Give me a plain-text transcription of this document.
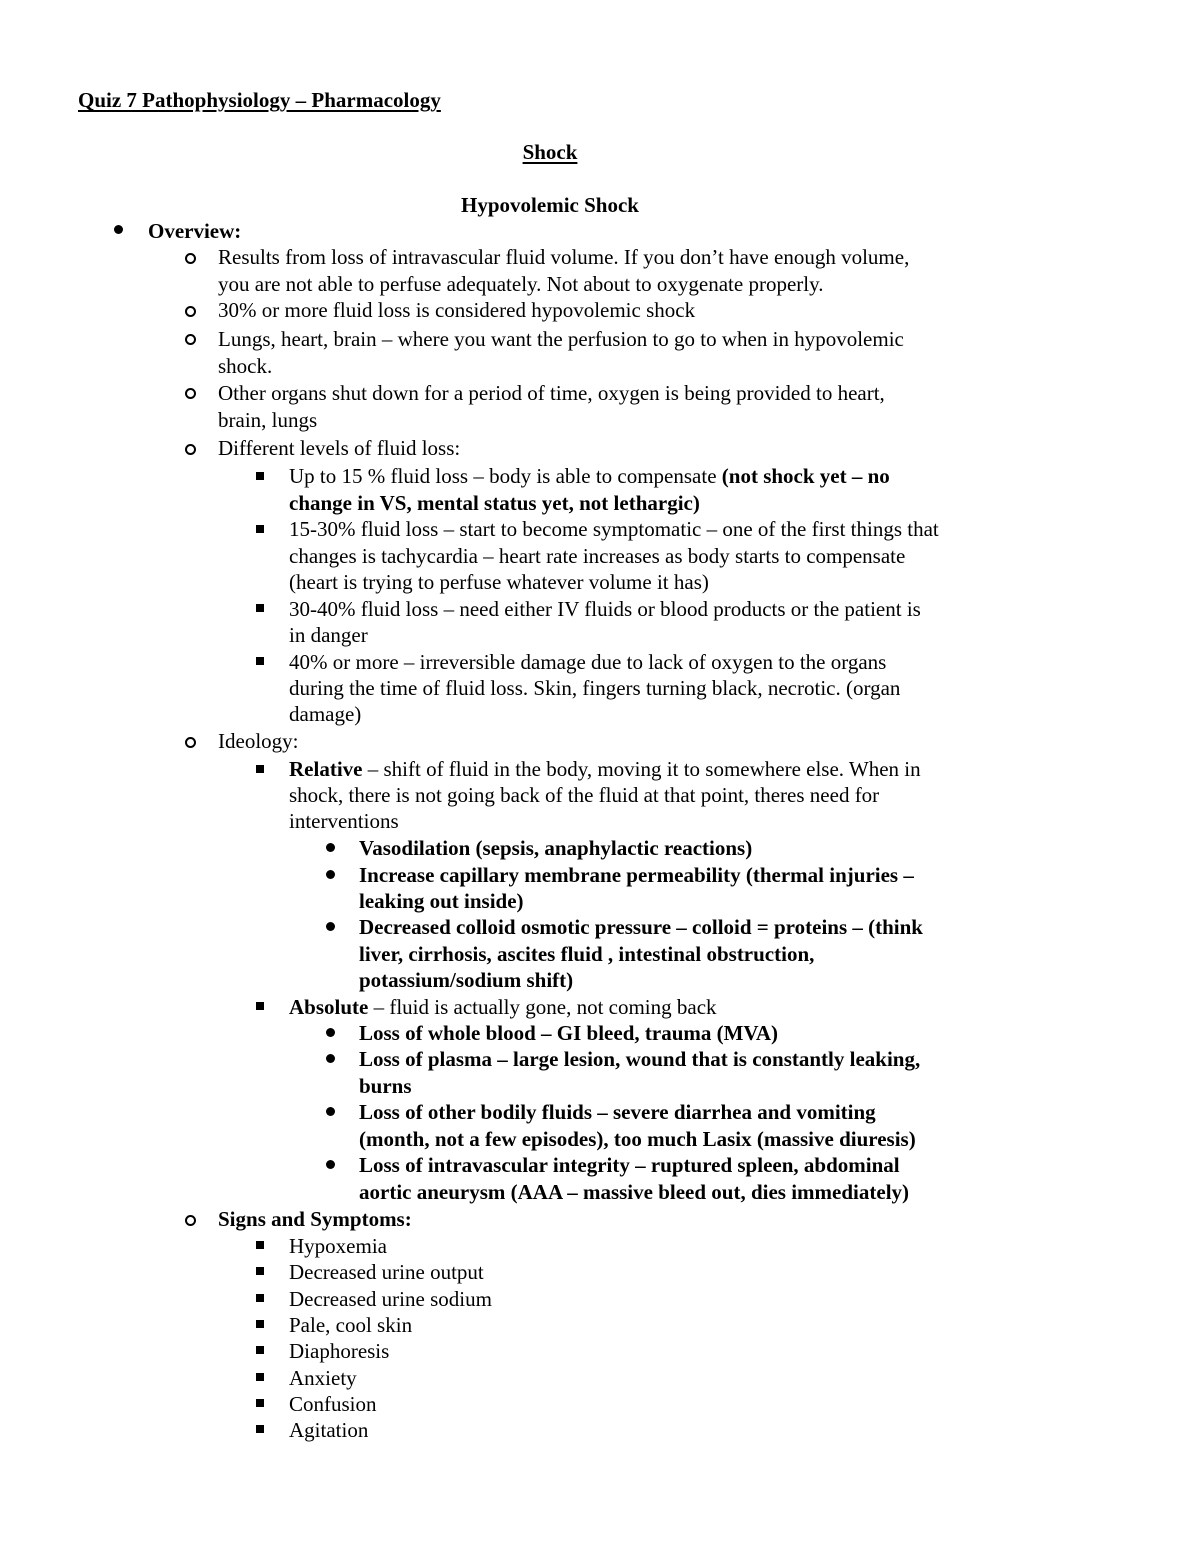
Quiz 7 Pathophysiology – Pharmacology
Shock
Hypovolemic Shock
Overview:
Results from loss of intravascular fluid volume. If you don’t have enough volume,
you are not able to perfuse adequately. Not about to oxygenate properly.
30% or more fluid loss is considered hypovolemic shock
Lungs, heart, brain – where you want the perfusion to go to when in hypovolemic
shock.
Other organs shut down for a period of time, oxygen is being provided to heart,
brain, lungs
Different levels of fluid loss:
Up to 15 % fluid loss – body is able to compensate (not shock yet – no
change in VS, mental status yet, not lethargic)
15-30% fluid loss – start to become symptomatic – one of the first things that
changes is tachycardia – heart rate increases as body starts to compensate
(heart is trying to perfuse whatever volume it has)
30-40% fluid loss – need either IV fluids or blood products or the patient is
in danger
40% or more – irreversible damage due to lack of oxygen to the organs
during the time of fluid loss. Skin, fingers turning black, necrotic. (organ
damage)
Ideology:
Relative – shift of fluid in the body, moving it to somewhere else. When in
shock, there is not going back of the fluid at that point, theres need for
interventions
Vasodilation (sepsis, anaphylactic reactions)
Increase capillary membrane permeability (thermal injuries –
leaking out inside)
Decreased colloid osmotic pressure – colloid = proteins – (think
liver, cirrhosis, ascites fluid , intestinal obstruction,
potassium/sodium shift)
Absolute – fluid is actually gone, not coming back
Loss of whole blood – GI bleed, trauma (MVA)
Loss of plasma – large lesion, wound that is constantly leaking,
burns
Loss of other bodily fluids – severe diarrhea and vomiting
(month, not a few episodes), too much Lasix (massive diuresis)
Loss of intravascular integrity – ruptured spleen, abdominal
aortic aneurysm (AAA – massive bleed out, dies immediately)
Signs and Symptoms:
Hypoxemia
Decreased urine output
Decreased urine sodium
Pale, cool skin
Diaphoresis
Anxiety
Confusion
Agitation
